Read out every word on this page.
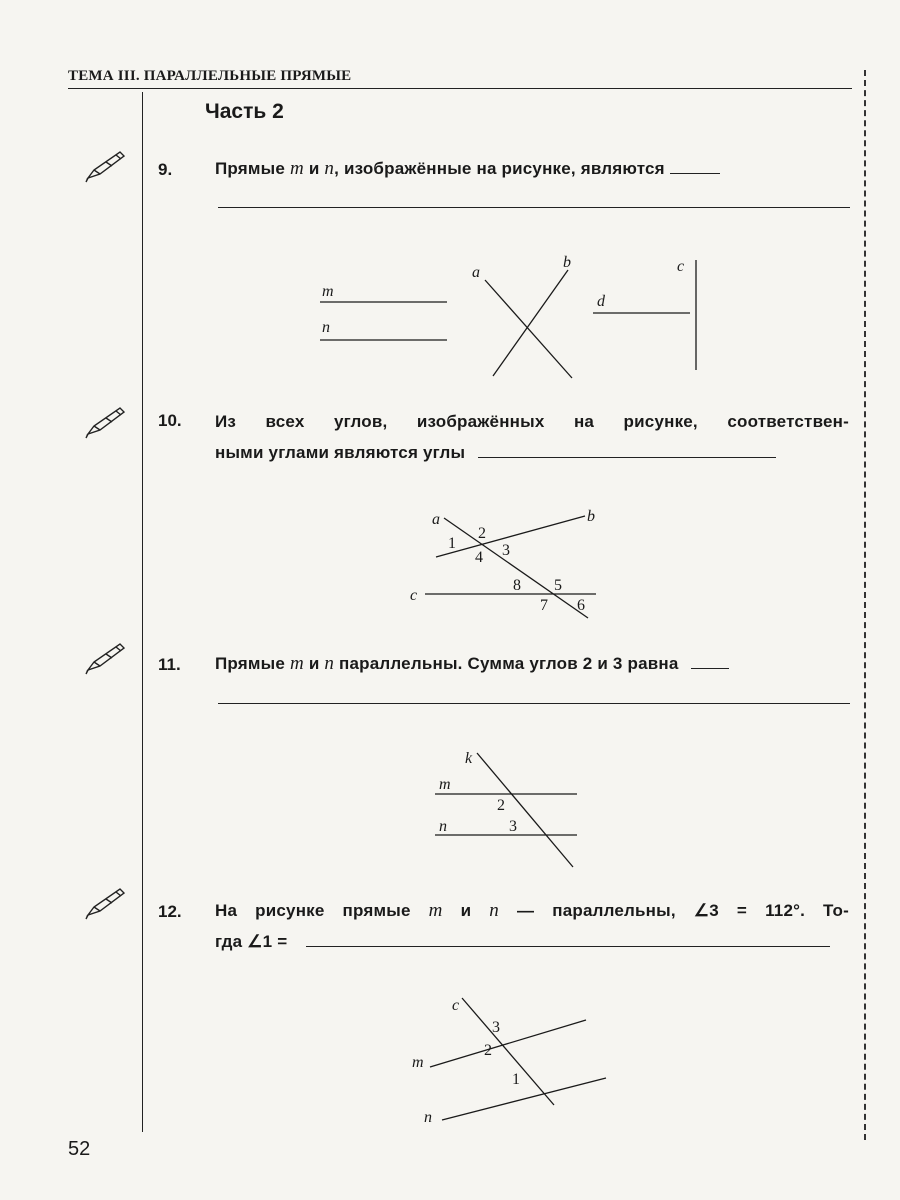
ТЕМА III. ПАРАЛЛЕЛЬНЫЕ ПРЯМЫЕ
Часть 2
9.	Прямые m и n, изображённые на рисунке, являются
m
n
a
b	c
d
10. Из всех углов, изображённых на рисунке, соответствен-
ными углами являются углы
a	b
c
1
2
3
4
5
6
7
8
11. Прямые m и n параллельны. Сумма углов 2 и 3 равна
k
m
n
2
3
12. На рисунке прямые m и n — параллельны, ∠3 = 112°. То-
гда ∠1 =
c
m
n
3
2
1
52
